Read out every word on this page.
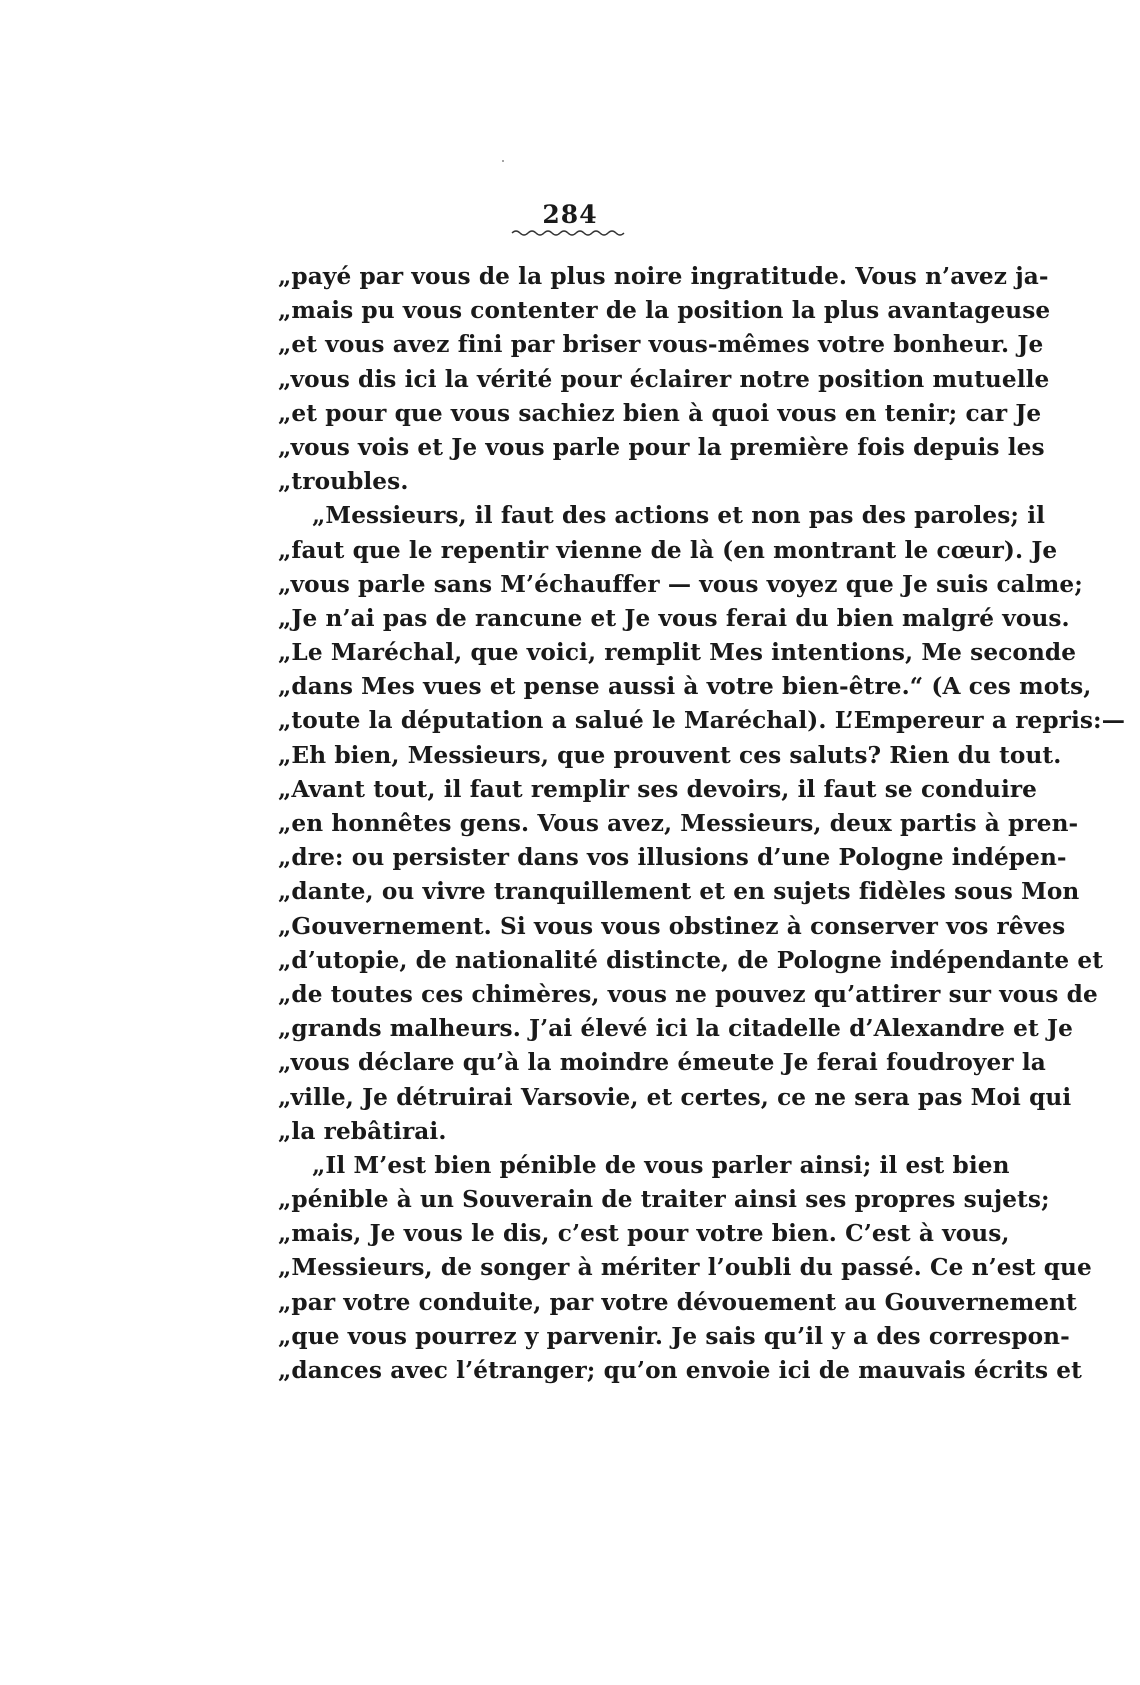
284
„payé par vous de la plus noire ingratitude. Vous n’avez ja-
„mais pu vous contenter de la position la plus avantageuse
„et vous avez fini par briser vous-mêmes votre bonheur. Je
„vous dis ici la vérité pour éclairer notre position mutuelle
„et pour que vous sachiez bien à quoi vous en tenir; car Je
„vous vois et Je vous parle pour la première fois depuis les
„troubles.
„Messieurs, il faut des actions et non pas des paroles; il
„faut que le repentir vienne de là (en montrant le cœur). Je
„vous parle sans M’échauffer — vous voyez que Je suis calme;
„Je n’ai pas de rancune et Je vous ferai du bien malgré vous.
„Le Maréchal, que voici, remplit Mes intentions, Me seconde
„dans Mes vues et pense aussi à votre bien-être.“ (A ces mots,
„toute la députation a salué le Maréchal). L’Empereur a repris:—
„Eh bien, Messieurs, que prouvent ces saluts? Rien du tout.
„Avant tout, il faut remplir ses devoirs, il faut se conduire
„en honnêtes gens. Vous avez, Messieurs, deux partis à pren-
„dre: ou persister dans vos illusions d’une Pologne indépen-
„dante, ou vivre tranquillement et en sujets fidèles sous Mon
„Gouvernement. Si vous vous obstinez à conserver vos rêves
„d’utopie, de nationalité distincte, de Pologne indépendante et
„de toutes ces chimères, vous ne pouvez qu’attirer sur vous de
„grands malheurs. J’ai élevé ici la citadelle d’Alexandre et Je
„vous déclare qu’à la moindre émeute Je ferai foudroyer la
„ville, Je détruirai Varsovie, et certes, ce ne sera pas Moi qui
„la rebâtirai.
„Il M’est bien pénible de vous parler ainsi; il est bien
„pénible à un Souverain de traiter ainsi ses propres sujets;
„mais, Je vous le dis, c’est pour votre bien. C’est à vous,
„Messieurs, de songer à mériter l’oubli du passé. Ce n’est que
„par votre conduite, par votre dévouement au Gouvernement
„que vous pourrez y parvenir. Je sais qu’il y a des correspon-
„dances avec l’étranger; qu’on envoie ici de mauvais écrits et
